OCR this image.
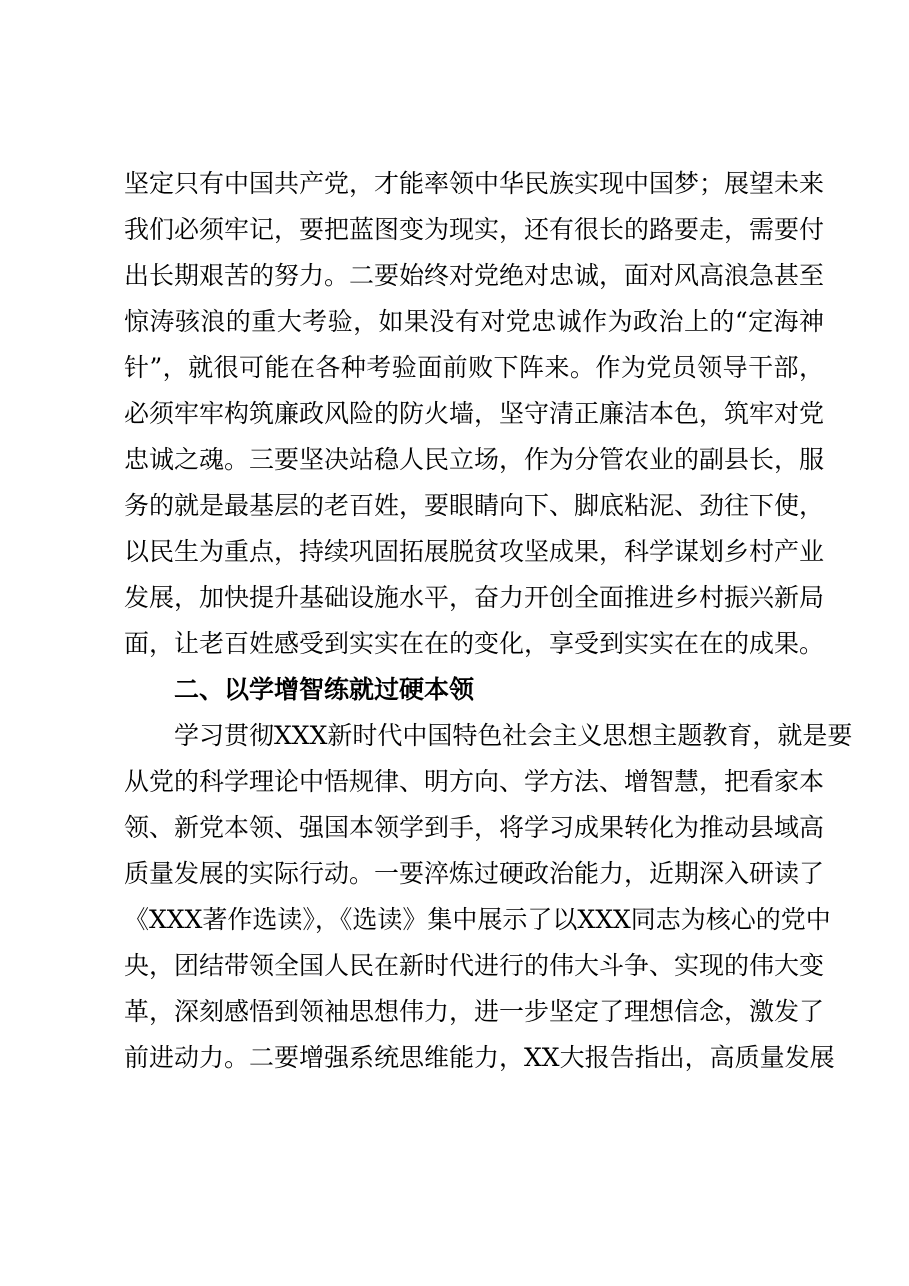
坚定只有中国共产党，才能率领中华民族实现中国梦；展望未来
我们必须牢记，要把蓝图变为现实，还有很长的路要走，需要付
出长期艰苦的努力。二要始终对党绝对忠诚，面对风高浪急甚至
惊涛骇浪的重大考验，如果没有对党忠诚作为政治上的“定海神
针”，就很可能在各种考验面前败下阵来。作为党员领导干部，
必须牢牢构筑廉政风险的防火墙，坚守清正廉洁本色，筑牢对党
忠诚之魂。三要坚决站稳人民立场，作为分管农业的副县长，服
务的就是最基层的老百姓，要眼睛向下、脚底粘泥、劲往下使，
以民生为重点，持续巩固拓展脱贫攻坚成果，科学谋划乡村产业
发展，加快提升基础设施水平，奋力开创全面推进乡村振兴新局
面，让老百姓感受到实实在在的变化，享受到实实在在的成果。
二、以学增智练就过硬本领
学习贯彻XXX新时代中国特色社会主义思想主题教育，就是要
从党的科学理论中悟规律、明方向、学方法、增智慧，把看家本
领、新党本领、强国本领学到手，将学习成果转化为推动县域高
质量发展的实际行动。一要淬炼过硬政治能力，近期深入研读了
《XXX著作选读》，《选读》集中展示了以XXX同志为核心的党中
央，团结带领全国人民在新时代进行的伟大斗争、实现的伟大变
革，深刻感悟到领袖思想伟力，进一步坚定了理想信念，激发了
前进动力。二要增强系统思维能力，XX大报告指出，高质量发展
